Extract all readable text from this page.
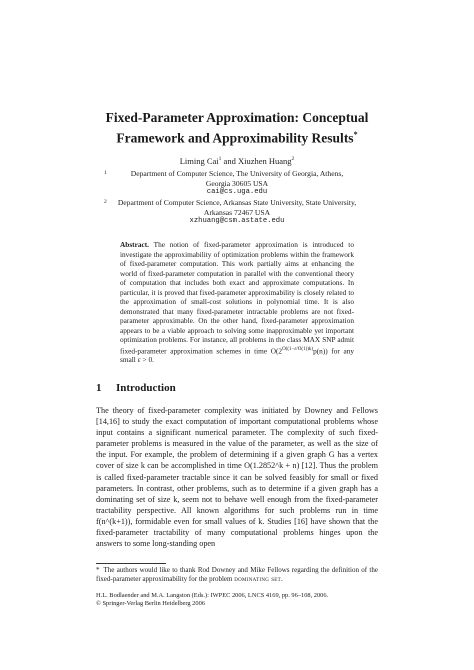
Fixed-Parameter Approximation: Conceptual
Framework and Approximability Results*
Liming Cai$^1$ and Xiuzhen Huang$^2$
1	Department of Computer Science, The University of Georgia, Athens,
Georgia 30605 USA
cai@cs.uga.edu
2	Department of Computer Science, Arkansas State University, State University,
Arkansas 72467 USA
xzhuang@csm.astate.edu
Abstract. The notion of fixed-parameter approximation is introduced to investigate the approximability of optimization problems within the framework of fixed-parameter computation. This work partially aims at enhancing the world of fixed-parameter computation in parallel with the conventional theory of computation that includes both exact and approximate computations. In particular, it is proved that fixed-parameter approximability is closely related to the approximation of small-cost solutions in polynomial time. It is also demonstrated that many fixed-parameter intractable problems are not fixed-parameter approximable. On the other hand, fixed-parameter approximation appears to be a viable approach to solving some inapproximable yet important optimization problems. For instance, all problems in the class MAX SNP admit fixed-parameter approximation schemes in time $O(2^{O((1-\varepsilon/O(1))k)}p(n))$ for any small ε > 0.
1 Introduction
The theory of fixed-parameter complexity was initiated by Downey and Fellows [14,16] to study the exact computation of important computational problems whose input contains a significant numerical parameter. The complexity of such fixed-parameter problems is measured in the value of the parameter, as well as the size of the input. For example, the problem of determining if a given graph G has a vertex cover of size k can be accomplished in time O(1.2852^k + n) [12]. Thus the problem is called fixed-parameter tractable since it can be solved feasibly for small or fixed parameters. In contrast, other problems, such as to determine if a given graph has a dominating set of size k, seem not to behave well enough from the fixed-parameter tractability perspective. All known algorithms for such problems run in time f(n^(k+1)), formidable even for small values of k. Studies [16] have shown that the fixed-parameter tractability of many computational problems hinges upon the answers to some long-standing open
* The authors would like to thank Rod Downey and Mike Fellows regarding the definition of the fixed-parameter approximability for the problem dominating set.
H.L. Bodlaender and M.A. Langston (Eds.): IWPEC 2006, LNCS 4169, pp. 96–108, 2006.
© Springer-Verlag Berlin Heidelberg 2006
